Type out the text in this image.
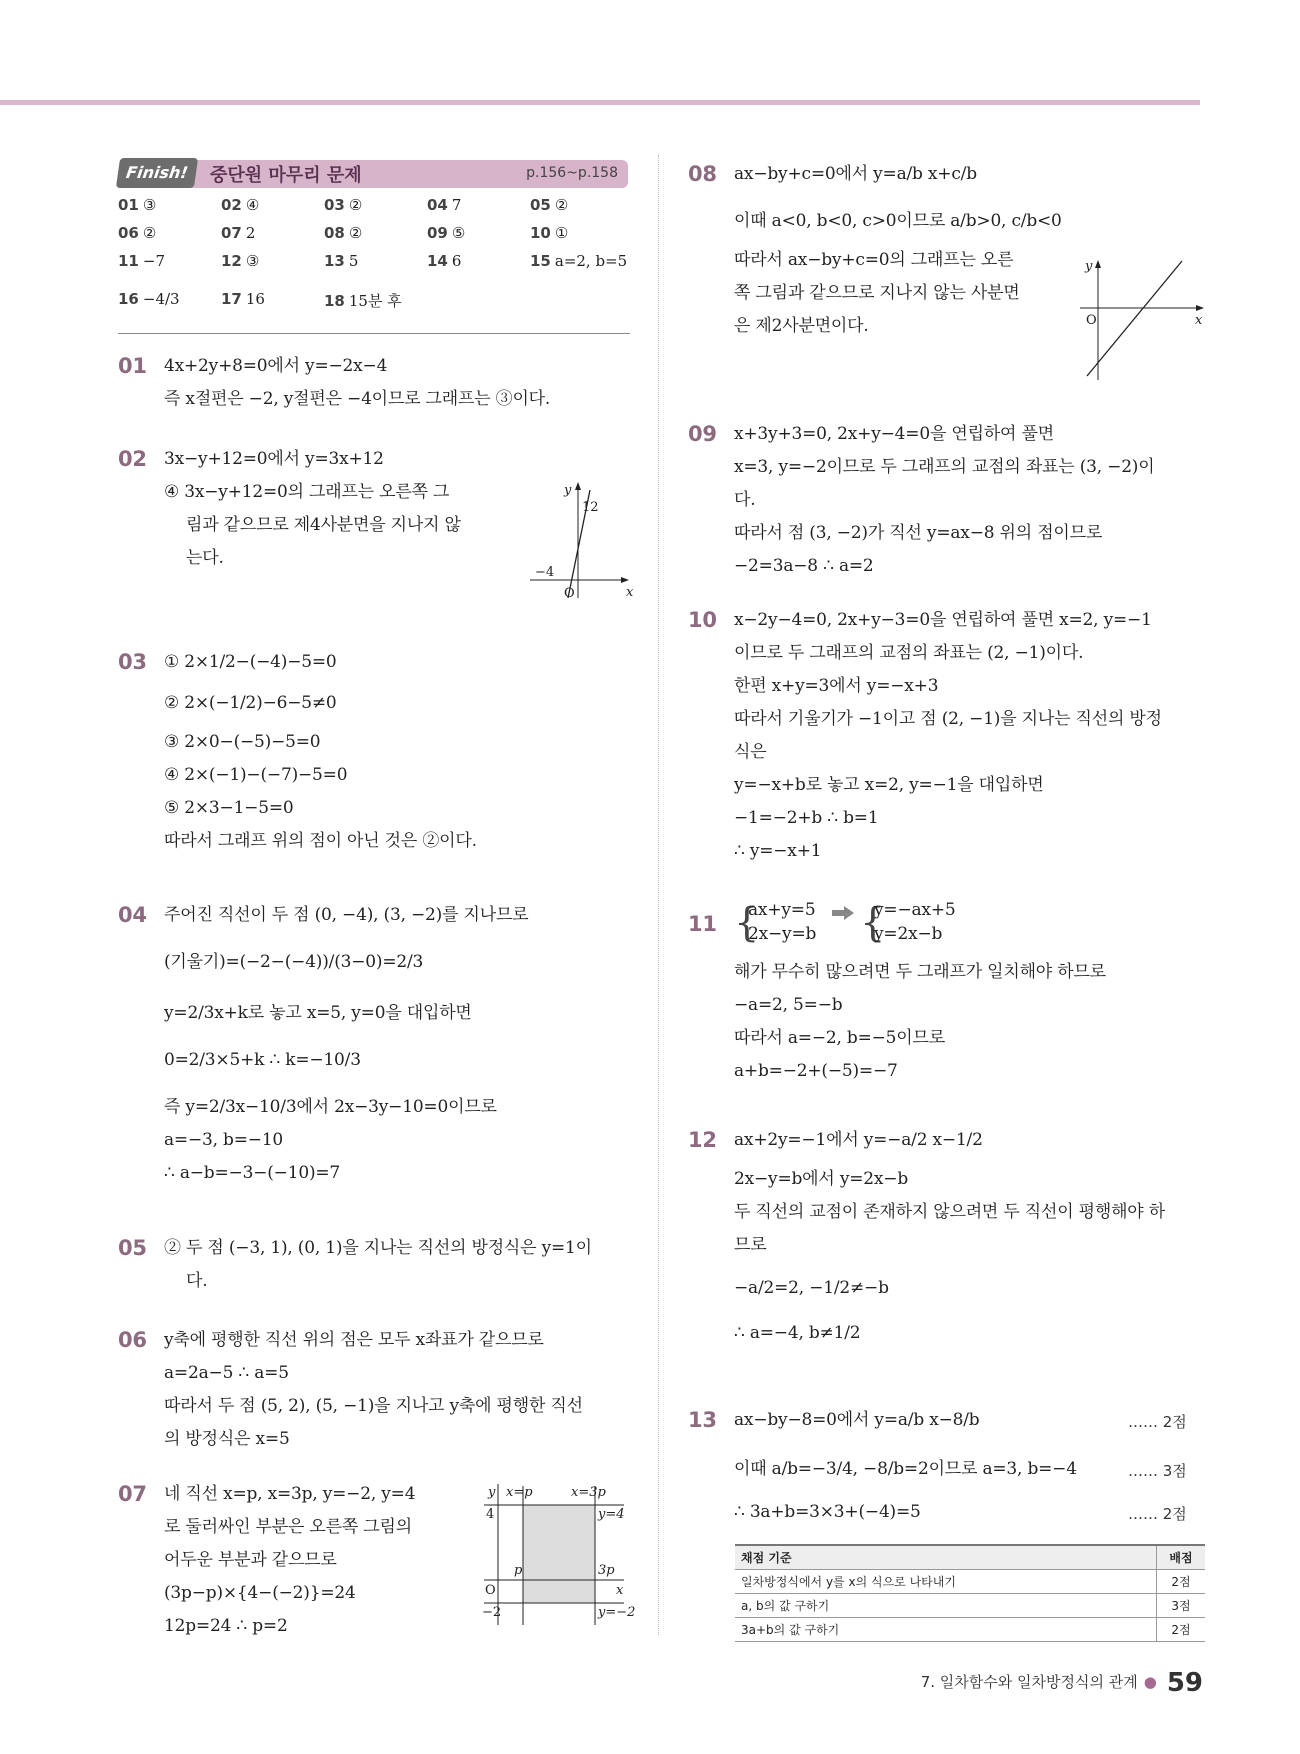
Finish!	중단원 마무리 문제	p.156~p.158
01 ③	02 ④	03 ②	04 7	05 ②
06 ②	07 2	08 ②	09 ⑤	10 ①
11 −7	12 ③	13 5	14 6	15 a=2, b=5
16 −4/3	17 16	18 15분 후
01 4x+2y+8=0에서 y=−2x−4
즉 x절편은 −2, y절편은 −4이므로 그래프는 ③이다.
02 3x−y+12=0에서 y=3x+12
④ 3x−y+12=0의 그래프는 오른쪽 그
림과 같으므로 제4사분면을 지나지 않
는다.
y
x
O
12
−4
03 ① 2×1/2−(−4)−5=0
② 2×(−1/2)−6−5≠0
③ 2×0−(−5)−5=0
④ 2×(−1)−(−7)−5=0
⑤ 2×3−1−5=0
따라서 그래프 위의 점이 아닌 것은 ②이다.
04 주어진 직선이 두 점 (0, −4), (3, −2)를 지나므로
(기울기)=(−2−(−4))/(3−0)=2/3
y=2/3x+k로 놓고 x=5, y=0을 대입하면
0=2/3×5+k ∴ k=−10/3
즉 y=2/3x−10/3에서 2x−3y−10=0이므로
a=−3, b=−10
∴ a−b=−3−(−10)=7
05 ② 두 점 (−3, 1), (0, 1)을 지나는 직선의 방정식은 y=1이
다.
06 y축에 평행한 직선 위의 점은 모두 x좌표가 같으므로
a=2a−5 ∴ a=5
따라서 두 점 (5, 2), (5, −1)을 지나고 y축에 평행한 직선
의 방정식은 x=5
07 네 직선 x=p, x=3p, y=−2, y=4
로 둘러싸인 부분은 오른쪽 그림의
어두운 부분과 같으므로
(3p−p)×{4−(−2)}=24
12p=24 ∴ p=2
y
x
O
x=p	x=3p
y=4
y=−2
4
−2
p	3p
08 ax−by+c=0에서 y=a/b x+c/b
이때 a<0, b<0, c>0이므로 a/b>0, c/b<0
따라서 ax−by+c=0의 그래프는 오른
쪽 그림과 같으므로 지나지 않는 사분면
은 제2사분면이다.
y
x
O
09 x+3y+3=0, 2x+y−4=0을 연립하여 풀면
x=3, y=−2이므로 두 그래프의 교점의 좌표는 (3, −2)이
다.
따라서 점 (3, −2)가 직선 y=ax−8 위의 점이므로
−2=3a−8 ∴ a=2
10 x−2y−4=0, 2x+y−3=0을 연립하여 풀면 x=2, y=−1
이므로 두 그래프의 교점의 좌표는 (2, −1)이다.
한편 x+y=3에서 y=−x+3
따라서 기울기가 −1이고 점 (2, −1)을 지나는 직선의 방정
식은
y=−x+b로 놓고 x=2, y=−1을 대입하면
−1=−2+b ∴ b=1
∴ y=−x+1
11 {
ax+y=5
2x−y=b {
y=−ax+5
y=2x−b
해가 무수히 많으려면 두 그래프가 일치해야 하므로
−a=2, 5=−b
따라서 a=−2, b=−5이므로
a+b=−2+(−5)=−7
12 ax+2y=−1에서 y=−a/2 x−1/2
2x−y=b에서 y=2x−b
두 직선의 교점이 존재하지 않으려면 두 직선이 평행해야 하
므로
−a/2=2, −1/2≠−b
∴ a=−4, b≠1/2
13 ax−by−8=0에서 y=a/b x−8/b
이때 a/b=−3/4, −8/b=2이므로 a=3, b=−4
∴ 3a+b=3×3+(−4)=5
…… 2점
…… 3점
…… 2점
채점 기준	배점
일차방정식에서 y를 x의 식으로 나타내기	2점
a, b의 값 구하기	3점
3a+b의 값 구하기	2점
7. 일차함수와 일차방정식의 관계 ● 59
